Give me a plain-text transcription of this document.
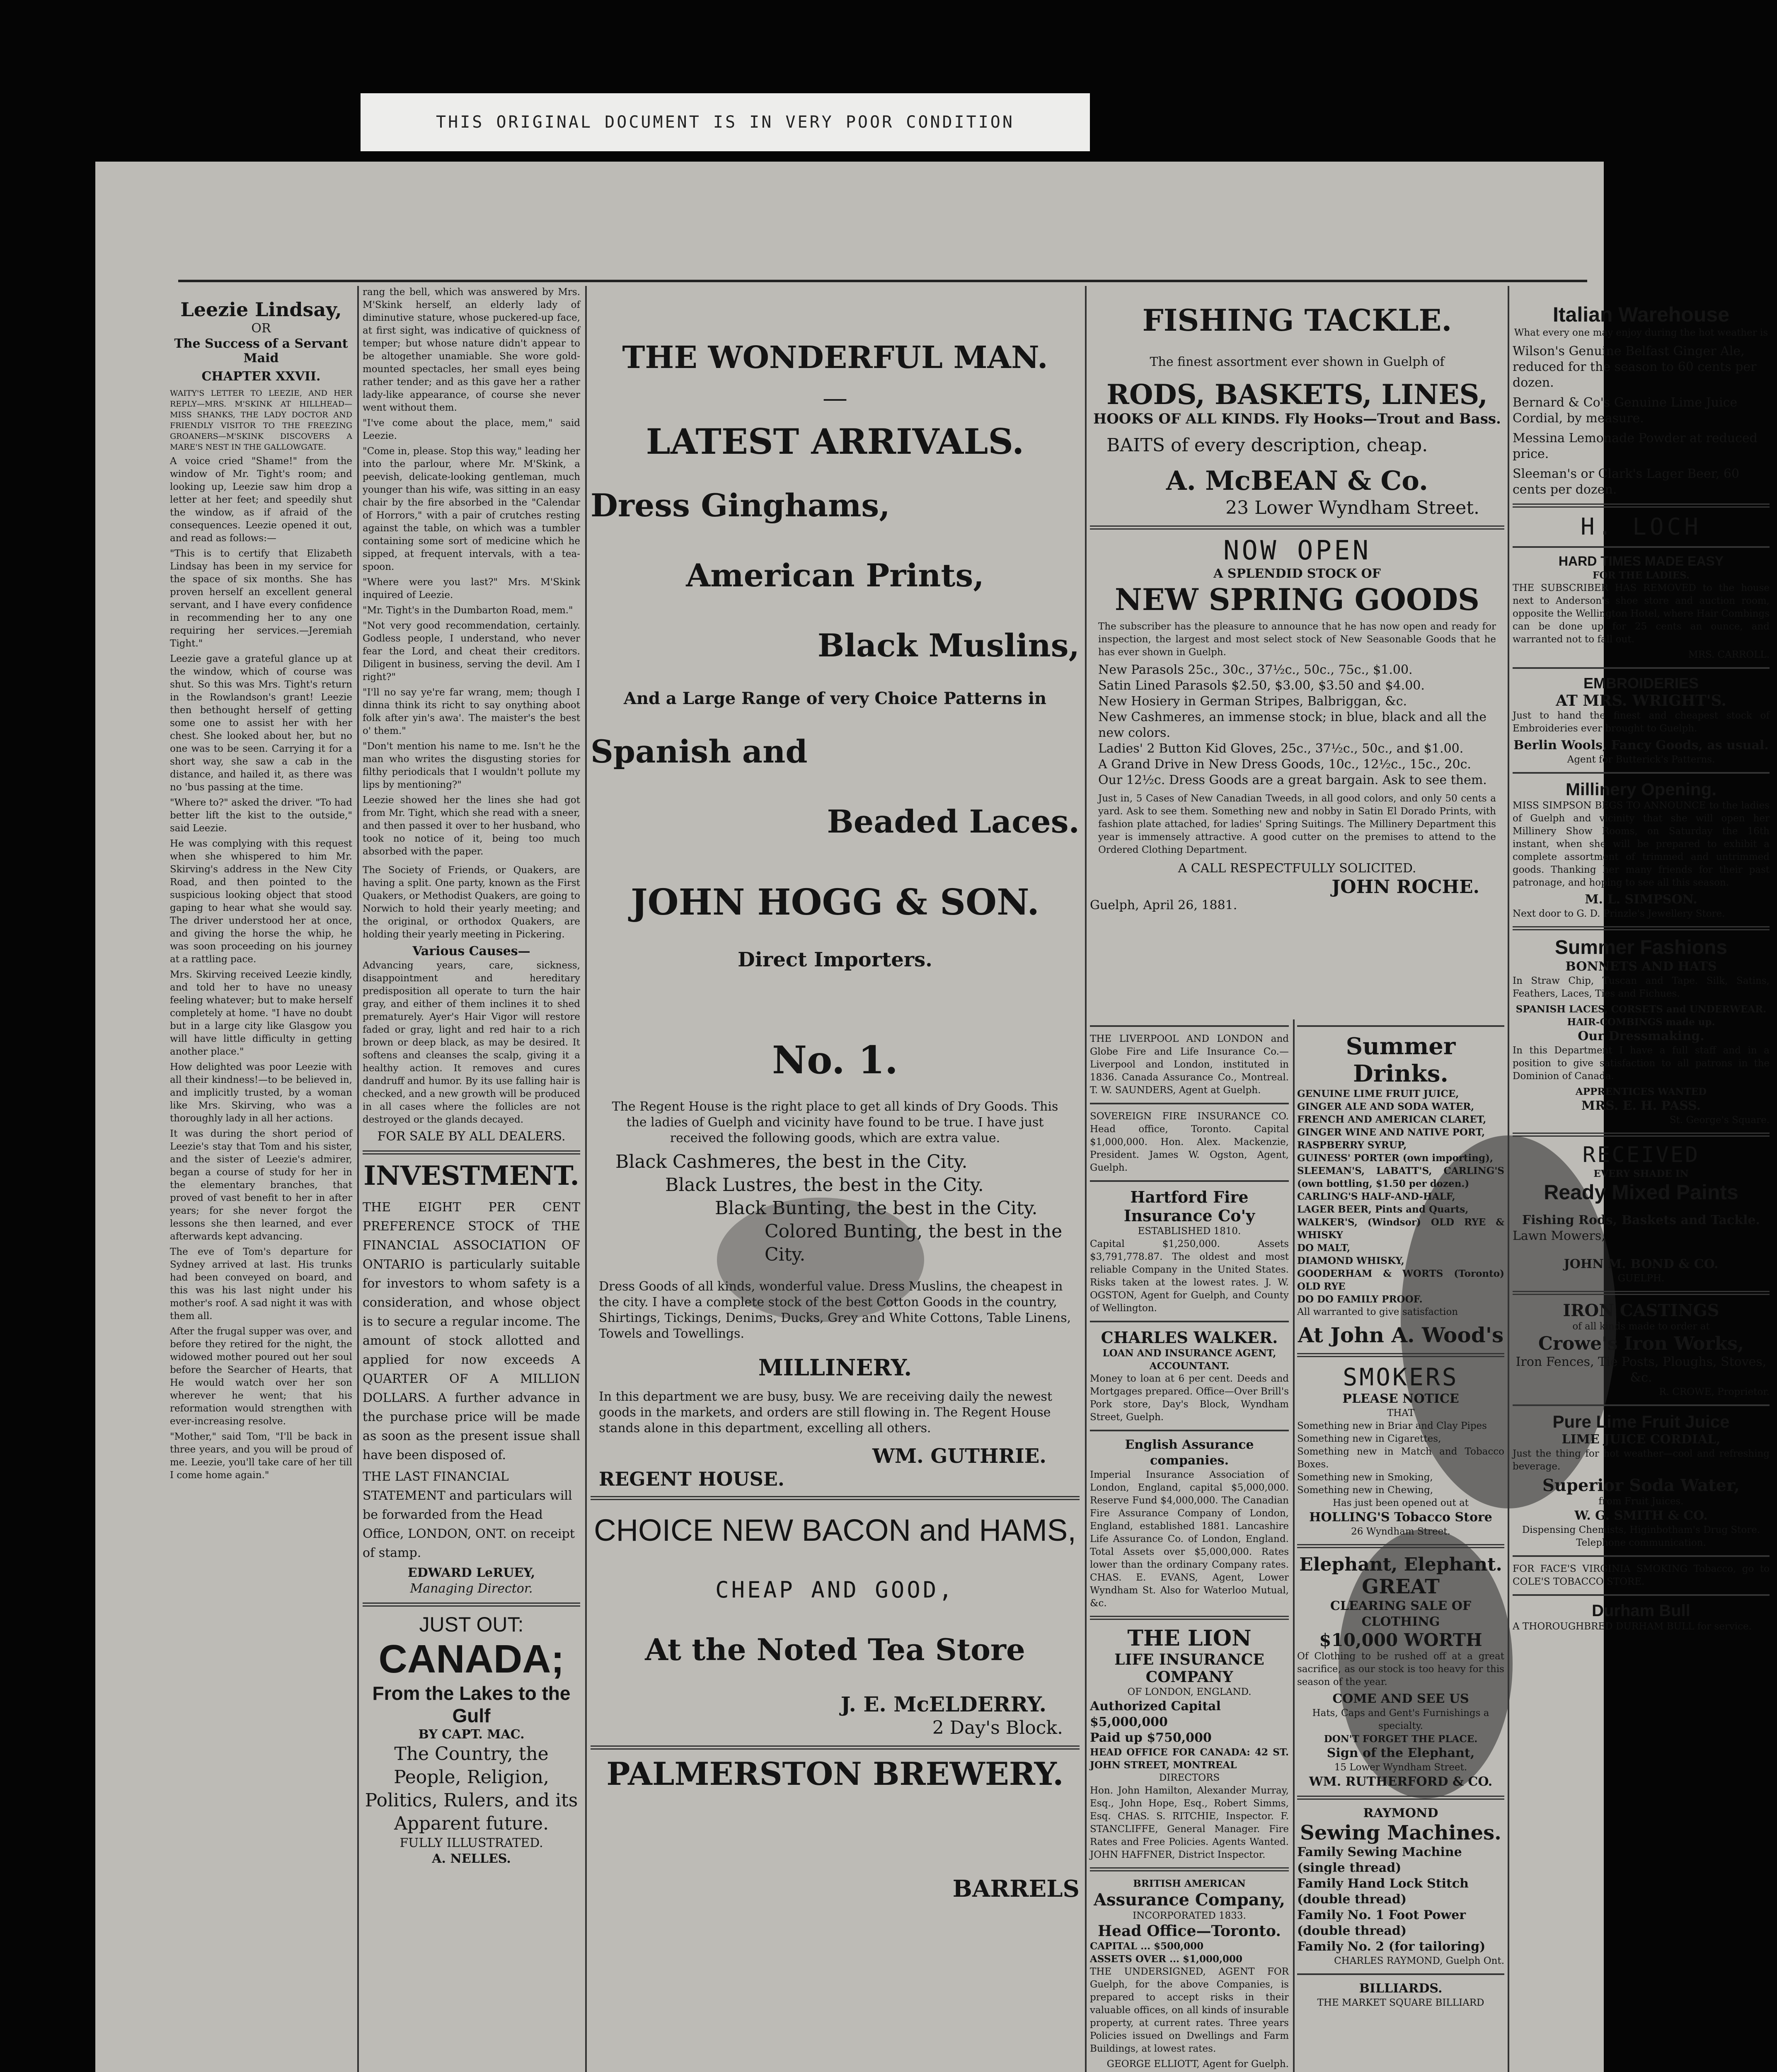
THIS ORIGINAL DOCUMENT IS IN VERY POOR CONDITION
Leezie Lindsay,
OR
The Success of a Servant Maid
CHAPTER XXVII.

WAITY'S LETTER TO LEEZIE, AND HER REPLY—MRS. M'SKINK AT HILLHEAD—MISS SHANKS, THE LADY DOCTOR AND FRIENDLY VISITOR TO THE FREEZING GROANERS—M'SKINK DISCOVERS A MARE'S NEST IN THE GALLOWGATE.

A voice cried "Shame!" from the window of Mr. Tight's room; and looking up, Leezie saw him drop a letter at her feet; and speedily shut the window, as if afraid of the consequences. Leezie opened it out, and read as follows:—

"This is to certify that Elizabeth Lindsay has been in my service for the space of six months. She has proven herself an excellent general servant, and I have every confidence in recommending her to any one requiring her services.—Jeremiah Tight."

Leezie gave a grateful glance up at the window, which of course was shut. So this was Mrs. Tight's return in the Rowlandson's grant! Leezie then bethought herself of getting some one to assist her with her chest. She looked about her, but no one was to be seen. Carrying it for a short way, she saw a cab in the distance, and hailed it, as there was no 'bus passing at the time.

"Where to?" asked the driver. "To had better lift the kist to the outside," said Leezie.

He was complying with this request when she whispered to him Mr. Skirving's address in the New City Road, and then pointed to the suspicious looking object that stood gaping to hear what she would say. The driver understood her at once, and giving the horse the whip, he was soon proceeding on his journey at a rattling pace.

Mrs. Skirving received Leezie kindly, and told her to have no uneasy feeling whatever; but to make herself completely at home. "I have no doubt but in a large city like Glasgow you will have little difficulty in getting another place."

How delighted was poor Leezie with all their kindness!—to be believed in, and implicitly trusted, by a woman like Mrs. Skirving, who was a thoroughly lady in all her actions.

It was during the short period of Leezie's stay that Tom and his sister, and the sister of Leezie's admirer, began a course of study for her in the elementary branches, that proved of vast benefit to her in after years; for she never forgot the lessons she then learned, and ever afterwards kept advancing.

The eve of Tom's departure for Sydney arrived at last. His trunks had been conveyed on board, and this was his last night under his mother's roof. A sad night it was with them all.

After the frugal supper was over, and before they retired for the night, the widowed mother poured out her soul before the Searcher of Hearts, that He would watch over her son wherever he went; that his reformation would strengthen with ever-increasing resolve.

"Mother," said Tom, "I'll be back in three years, and you will be proud of me. Leezie, you'll take care of her till I come home again."

rang the bell, which was answered by Mrs. M'Skink herself, an elderly lady of diminutive stature, whose puckered-up face, at first sight, was indicative of quickness of temper; but whose nature didn't appear to be altogether unamiable. She wore gold-mounted spectacles, her small eyes being rather tender; and as this gave her a rather lady-like appearance, of course she never went without them.

"I've come about the place, mem," said Leezie.

"Come in, please. Stop this way," leading her into the parlour, where Mr. M'Skink, a peevish, delicate-looking gentleman, much younger than his wife, was sitting in an easy chair by the fire absorbed in the "Calendar of Horrors," with a pair of crutches resting against the table, on which was a tumbler containing some sort of medicine which he sipped, at frequent intervals, with a tea-spoon.

"Where were you last?" Mrs. M'Skink inquired of Leezie.

"Mr. Tight's in the Dumbarton Road, mem."

"Not very good recommendation, certainly. Godless people, I understand, who never fear the Lord, and cheat their creditors. Diligent in business, serving the devil. Am I right?"

"I'll no say ye're far wrang, mem; though I dinna think its richt to say onything aboot folk after yin's awa'. The maister's the best o' them."

"Don't mention his name to me. Isn't he the man who writes the disgusting stories for filthy periodicals that I wouldn't pollute my lips by mentioning?"

Leezie showed her the lines she had got from Mr. Tight, which she read with a sneer, and then passed it over to her husband, who took no notice of it, being too much absorbed with the paper.

The Society of Friends, or Quakers, are having a split. One party, known as the First Quakers, or Methodist Quakers, are going to Norwich to hold their yearly meeting; and the original, or orthodox Quakers, are holding their yearly meeting in Pickering.

Various Causes—

Advancing years, care, sickness, disappointment and hereditary predisposition all operate to turn the hair gray, and either of them inclines it to shed prematurely. Ayer's Hair Vigor will restore faded or gray, light and red hair to a rich brown or deep black, as may be desired. It softens and cleanses the scalp, giving it a healthy action. It removes and cures dandruff and humor. By its use falling hair is checked, and a new growth will be produced in all cases where the follicles are not destroyed or the glands decayed.

FOR SALE BY ALL DEALERS.
INVESTMENT.

THE EIGHT PER CENT PREFERENCE STOCK of THE FINANCIAL ASSOCIATION OF ONTARIO is particularly suitable for investors to whom safety is a consideration, and whose object is to secure a regular income. The amount of stock allotted and applied for now exceeds A QUARTER OF A MILLION DOLLARS. A further advance in the purchase price will be made as soon as the present issue shall have been disposed of.

THE LAST FINANCIAL STATEMENT and particulars will be forwarded from the Head Office, LONDON, ONT. on receipt of stamp.

EDWARD LeRUEY,
Managing Director.
JUST OUT:
CANADA;
From the Lakes to the Gulf
BY CAPT. MAC.
The Country, the People, Religion, Politics, Rulers, and its Apparent future.
FULLY ILLUSTRATED.
A. NELLES.
THE WONDERFUL MAN.
—
LATEST ARRIVALS.
Dress Ginghams,
American Prints,
Black Muslins,
And a Large Range of very Choice Patterns in
Spanish and
Beaded Laces.
JOHN HOGG & SON.
Direct Importers.
No. 1.

The Regent House is the right place to get all kinds of Dry Goods. This the ladies of Guelph and vicinity have found to be true. I have just received the following goods, which are extra value.

Black Cashmeres, the best in the City.
Black Lustres, the best in the City.
Black Bunting, the best in the City.
Colored Bunting, the best in the City.

Dress Goods of all kinds, wonderful value. Dress Muslins, the cheapest in the city. I have a complete stock of the best Cotton Goods in the country, Shirtings, Tickings, Denims, Ducks, Grey and White Cottons, Table Linens, Towels and Towellings.

MILLINERY.

In this department we are busy, busy. We are receiving daily the newest goods in the markets, and orders are still flowing in. The Regent House stands alone in this department, excelling all others.

WM. GUTHRIE.
REGENT HOUSE.
CHOICE NEW BACON and HAMS,
CHEAP AND GOOD,
At the Noted Tea Store
J. E. McELDERRY.
2 Day's Block.
PALMERSTON BREWERY.
BARRELS
FISHING TACKLE.
The finest assortment ever shown in Guelph of
RODS, BASKETS, LINES,
HOOKS OF ALL KINDS. Fly Hooks—Trout and Bass.
BAITS of every description, cheap.
A. McBEAN & Co.
23 Lower Wyndham Street.
NOW OPEN
A SPLENDID STOCK OF
NEW SPRING GOODS

The subscriber has the pleasure to announce that he has now open and ready for inspection, the largest and most select stock of New Seasonable Goods that he has ever shown in Guelph.

New Parasols 25c., 30c., 37½c., 50c., 75c., $1.00.
Satin Lined Parasols $2.50, $3.00, $3.50 and $4.00.
New Hosiery in German Stripes, Balbriggan, &c.
New Cashmeres, an immense stock; in blue, black and all the new colors.
Ladies' 2 Button Kid Gloves, 25c., 37½c., 50c., and $1.00.
A Grand Drive in New Dress Goods, 10c., 12½c., 15c., 20c.
Our 12½c. Dress Goods are a great bargain. Ask to see them.

Just in, 5 Cases of New Canadian Tweeds, in all good colors, and only 50 cents a yard. Ask to see them. Something new and nobby in Satin El Dorado Prints, with fashion plate attached, for ladies' Spring Suitings. The Millinery Department this year is immensely attractive. A good cutter on the premises to attend to the Ordered Clothing Department.

A CALL RESPECTFULLY SOLICITED.
JOHN ROCHE.
Guelph, April 26, 1881.

THE LIVERPOOL AND LONDON and Globe Fire and Life Insurance Co.—Liverpool and London, instituted in 1836. Canada Assurance Co., Montreal. T. W. SAUNDERS, Agent at Guelph.

SOVEREIGN FIRE INSURANCE CO. Head office, Toronto. Capital $1,000,000. Hon. Alex. Mackenzie, President. James W. Ogston, Agent, Guelph.

Hartford Fire Insurance Co'y
ESTABLISHED 1810.

Capital $1,250,000. Assets $3,791,778.87. The oldest and most reliable Company in the United States. Risks taken at the lowest rates. J. W. OGSTON, Agent for Guelph, and County of Wellington.

CHARLES WALKER.
LOAN AND INSURANCE AGENT, ACCOUNTANT.

Money to loan at 6 per cent. Deeds and Mortgages prepared. Office—Over Brill's Pork store, Day's Block, Wyndham Street, Guelph.

English Assurance companies.

Imperial Insurance Association of London, England, capital $5,000,000. Reserve Fund $4,000,000. The Canadian Fire Assurance Company of London, England, established 1881. Lancashire Life Assurance Co. of London, England. Total Assets over $5,000,000. Rates lower than the ordinary Company rates. CHAS. E. EVANS, Agent, Lower Wyndham St. Also for Waterloo Mutual, &c.

THE LION
LIFE INSURANCE COMPANY
OF LONDON, ENGLAND.
Authorized Capital $5,000,000
Paid up $750,000
HEAD OFFICE FOR CANADA: 42 ST. JOHN STREET, MONTREAL
DIRECTORS

Hon. John Hamilton, Alexander Murray, Esq., John Hope, Esq., Robert Simms, Esq. CHAS. S. RITCHIE, Inspector. F. STANCLIFFE, General Manager. Fire Rates and Free Policies. Agents Wanted. JOHN HAFFNER, District Inspector.

BRITISH AMERICAN
Assurance Company,
INCORPORATED 1833.
Head Office—Toronto.
CAPITAL ... $500,000
ASSETS OVER ... $1,000,000

THE UNDERSIGNED, AGENT FOR Guelph, for the above Companies, is prepared to accept risks in their valuable offices, on all kinds of insurable property, at current rates. Three years Policies issued on Dwellings and Farm Buildings, at lowest rates.

GEORGE ELLIOTT, Agent for Guelph.

Summer Drinks.
GENUINE LIME FRUIT JUICE,
GINGER ALE AND SODA WATER,
FRENCH AND AMERICAN CLARET,
GINGER WINE AND NATIVE PORT,
RASPBERRY SYRUP,
GUINESS' PORTER (own importing),
SLEEMAN'S, LABATT'S, CARLING'S (own bottling, $1.50 per dozen.)
CARLING'S HALF-AND-HALF,
LAGER BEER, Pints and Quarts,
WALKER'S, (Windsor) OLD RYE & WHISKY
DO MALT,
DIAMOND WHISKY,
GOODERHAM & WORTS (Toronto) OLD RYE
DO DO FAMILY PROOF.
All warranted to give satisfaction
At John A. Wood's
SMOKERS
PLEASE NOTICE
THAT
Something new in Briar and Clay Pipes
Something new in Cigarettes,
Something new in Match and Tobacco Boxes.
Something new in Smoking,
Something new in Chewing,
Has just been opened out at
HOLLING'S Tobacco Store
26 Wyndham Street.
Elephant, Elephant.
GREAT
CLEARING SALE OF CLOTHING
$10,000 WORTH

Of Clothing to be rushed off at a great sacrifice, as our stock is too heavy for this season of the year.

COME AND SEE US
Hats, Caps and Gent's Furnishings a specialty.
DON'T FORGET THE PLACE.
Sign of the Elephant,
15 Lower Wyndham Street.
WM. RUTHERFORD & CO.
RAYMOND
Sewing Machines.
Family Sewing Machine (single thread)
Family Hand Lock Stitch (double thread)
Family No. 1 Foot Power (double thread)
Family No. 2 (for tailoring)
CHARLES RAYMOND, Guelph Ont.
BILLIARDS.
THE MARKET SQUARE BILLIARD
Italian Warehouse
What every one may enjoy during the hot weather is
Wilson's Genuine Belfast Ginger Ale, reduced for the season to 60 cents per dozen.
Bernard & Co's Genuine Lime Juice Cordial, by measure.
Messina Lemonade Powder at reduced price.
Sleeman's or Clark's Lager Beer, 60 cents per dozen.
H. LOCH
HARD TIMES MADE EASY
FOR THE LADIES.

THE SUBSCRIBER HAS REMOVED to the house next to Anderson's shoe store and auction room, opposite the Wellington Hotel, where Hair Combings can be done up for 25 cents an ounce, and warranted not to fall out.

MRS. CARROLL.
EMBROIDERIES
AT MRS. WRIGHT'S.

Just to hand the finest and cheapest stock of Embroideries ever brought to Guelph.

Berlin Wools, Fancy Goods, as usual.
Agent for Butterick's Patterns.
Millinery Opening.

MISS SIMPSON BEGS TO ANNOUNCE to the ladies of Guelph and vicinity that she will open her Millinery Show Rooms, on Saturday the 16th instant, when she will be prepared to exhibit a complete assortment of trimmed and untrimmed goods. Thanking her many friends for their past patronage, and hoping to see all this season.

M. L. SIMPSON.
Next door to G. D. Prinzle's Jewellery Store.
Summer Fashions
BONNETS AND HATS

In Straw Chip, Tuscan and Tape. Silk, Satins, Feathers, Laces, Ties and Fichues.

SPANISH LACES, CORSETS and UNDERWEAR.
HAIR-COMBINGS made up.
Our Dressmaking.

In this Department I have a full staff and in a position to give satisfaction to all patrons in the Dominion of Canada.

APPRENTICES WANTED
MRS. E. H. PASS.
St. George's Square.
RECEIVED
EVERY SHADE IN
Ready Mixed Paints
Fishing Rods, Baskets and Tackle.
Lawn Mowers,
JOHN M. BOND & CO.
GUELPH.
IRON CASTINGS
of all kinds made to order at
Crowe's Iron Works,
Iron Fences, Tie Posts, Ploughs, Stoves, &c.
R. CROWE, Proprietor.
Pure Lime Fruit Juice
LIME JUICE CORDIAL,

Just the thing for hot weather—cool and refreshing beverage.

Superior Soda Water,
from Fruit Juices.
W. G. SMITH & CO.
Dispensing Chemists, Higinbotham's Drug Store.
Telephone communication.

FOR FACE'S VIRGINIA SMOKING Tobacco, go to COLE'S TOBACCO STORE.

Durham Bull

A THOROUGHBRED DURHAM BULL for service.
